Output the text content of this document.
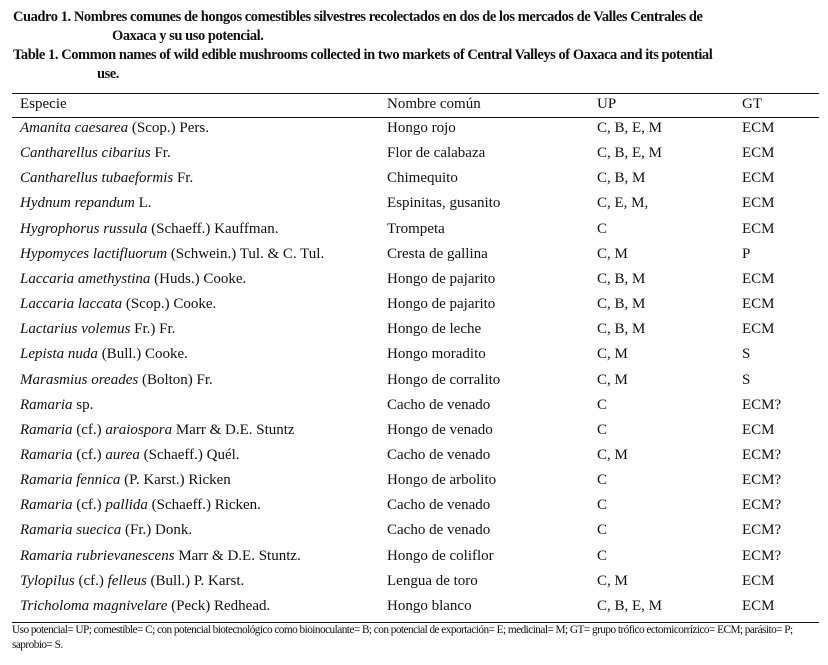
Cuadro 1. Nombres comunes de hongos comestibles silvestres recolectados en dos de los mercados de Valles Centrales de
Oaxaca y su uso potencial.
Table 1. Common names of wild edible mushrooms collected in two markets of Central Valleys of Oaxaca and its potential
use.
Especie	Nombre común	UP	GT
Amanita caesarea (Scop.) Pers.	Hongo rojo	C, B, E, M	ECM
Cantharellus cibarius Fr.	Flor de calabaza	C, B, E, M	ECM
Cantharellus tubaeformis Fr.	Chimequito	C, B, M	ECM
Hydnum repandum L.	Espinitas, gusanito	C, E, M,	ECM
Hygrophorus russula (Schaeff.) Kauffman.	Trompeta	C	ECM
Hypomyces lactifluorum (Schwein.) Tul. & C. Tul.	Cresta de gallina	C, M	P
Laccaria amethystina (Huds.) Cooke.	Hongo de pajarito	C, B, M	ECM
Laccaria laccata (Scop.) Cooke.	Hongo de pajarito	C, B, M	ECM
Lactarius volemus Fr.) Fr.	Hongo de leche	C, B, M	ECM
Lepista nuda (Bull.) Cooke.	Hongo moradito	C, M	S
Marasmius oreades (Bolton) Fr.	Hongo de corralito	C, M	S
Ramaria sp.	Cacho de venado	C	ECM?
Ramaria (cf.) araiospora Marr & D.E. Stuntz	Hongo de venado	C	ECM
Ramaria (cf.) aurea (Schaeff.) Quél.	Cacho de venado	C, M	ECM?
Ramaria fennica (P. Karst.) Ricken	Hongo de arbolito	C	ECM?
Ramaria (cf.) pallida (Schaeff.) Ricken.	Cacho de venado	C	ECM?
Ramaria suecica (Fr.) Donk.	Cacho de venado	C	ECM?
Ramaria rubrievanescens Marr & D.E. Stuntz.	Hongo de coliflor	C	ECM?
Tylopilus (cf.) felleus (Bull.) P. Karst.	Lengua de toro	C, M	ECM
Tricholoma magnivelare (Peck) Redhead.	Hongo blanco	C, B, E, M	ECM
Uso potencial= UP; comestible= C; con potencial biotecnológico como bioinoculante= B; con potencial de exportación= E; medicinal= M; GT= grupo trófico ectomicorrízico= ECM; parásito= P; saprobio= S.
